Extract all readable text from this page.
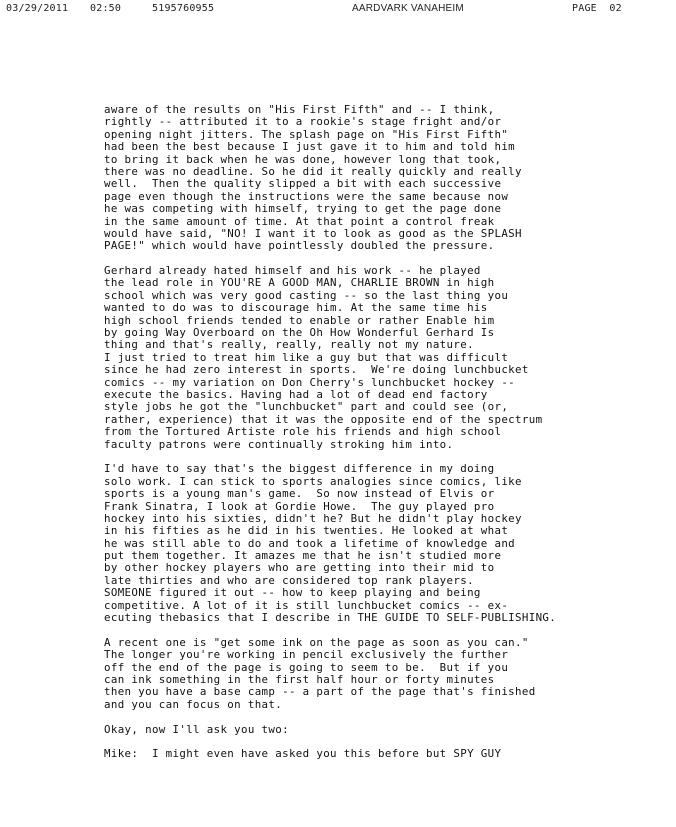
03/29/2011 02:50	5195760955	AARDVARK VANAHEIM	PAGE 02
aware of the results on "His First Fifth" and -- I think,
rightly -- attributed it to a rookie's stage fright and/or
opening night jitters. The splash page on "His First Fifth"
had been the best because I just gave it to him and told him
to bring it back when he was done, however long that took,
there was no deadline. So he did it really quickly and really
well.  Then the quality slipped a bit with each successive
page even though the instructions were the same because now
he was competing with himself, trying to get the page done
in the same amount of time. At that point a control freak
would have said, "NO! I want it to look as good as the SPLASH
PAGE!" which would have pointlessly doubled the pressure.
Gerhard already hated himself and his work -- he played
the lead role in YOU'RE A GOOD MAN, CHARLIE BROWN in high
school which was very good casting -- so the last thing you
wanted to do was to discourage him. At the same time his
high school friends tended to enable or rather Enable him
by going Way Overboard on the Oh How Wonderful Gerhard Is
thing and that's really, really, really not my nature.
I just tried to treat him like a guy but that was difficult
since he had zero interest in sports.  We're doing lunchbucket
comics -- my variation on Don Cherry's lunchbucket hockey --
execute the basics. Having had a lot of dead end factory
style jobs he got the "lunchbucket" part and could see (or,
rather, experience) that it was the opposite end of the spectrum
from the Tortured Artiste role his friends and high school
faculty patrons were continually stroking him into.
I'd have to say that's the biggest difference in my doing
solo work. I can stick to sports analogies since comics, like
sports is a young man's game.  So now instead of Elvis or
Frank Sinatra, I look at Gordie Howe.  The guy played pro
hockey into his sixties, didn't he? But he didn't play hockey
in his fifties as he did in his twenties. He looked at what
he was still able to do and took a lifetime of knowledge and
put them together. It amazes me that he isn't studied more
by other hockey players who are getting into their mid to
late thirties and who are considered top rank players.
SOMEONE figured it out -- how to keep playing and being
competitive. A lot of it is still lunchbucket comics -- ex-
ecuting thebasics that I describe in THE GUIDE TO SELF-PUBLISHING.
A recent one is "get some ink on the page as soon as you can."
The longer you're working in pencil exclusively the further
off the end of the page is going to seem to be.  But if you
can ink something in the first half hour or forty minutes
then you have a base camp -- a part of the page that's finished
and you can focus on that.
Okay, now I'll ask you two:
Mike:  I might even have asked you this before but SPY GUY
